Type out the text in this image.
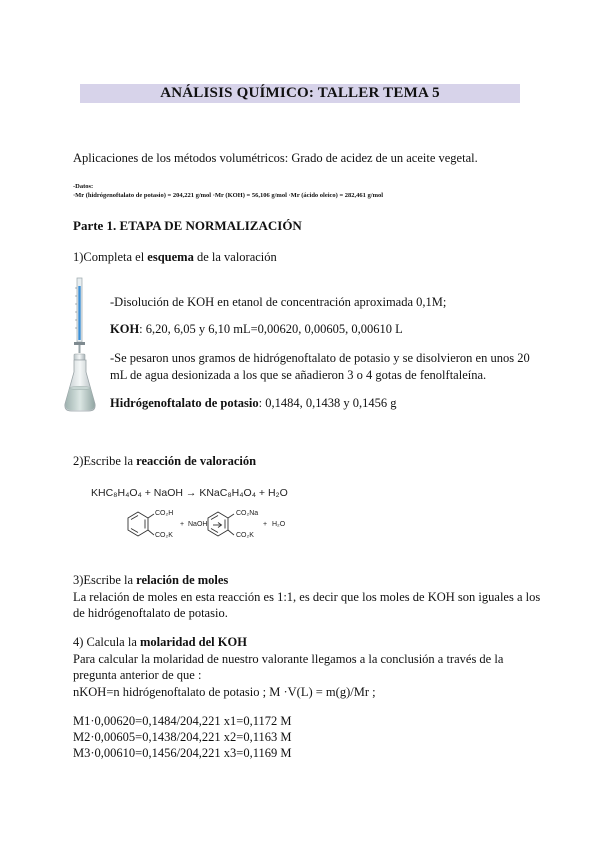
ANÁLISIS QUÍMICO: TALLER TEMA 5
Aplicaciones de los métodos volumétricos: Grado de acidez de un aceite vegetal.
-Datos:
·Mr (hidrógenoftalato de potasio) = 204,221 g/mol ·Mr (KOH) = 56,106 g/mol ·Mr (ácido oleico) = 282,461 g/mol
Parte 1. ETAPA DE NORMALIZACIÓN
1)Completa el esquema de la valoración
-Disolución de KOH en etanol de concentración aproximada 0,1M;
KOH: 6,20, 6,05 y 6,10 mL=0,00620, 0,00605, 0,00610 L
-Se pesaron unos gramos de hidrógenoftalato de potasio y se disolvieron en unos 20
mL de agua desionizada a los que se añadieron 3 o 4 gotas de fenolftaleína.
Hidrógenoftalato de potasio: 0,1484, 0,1438 y 0,1456 g
2)Escribe la reacción de valoración
KHC₈H₄O₄ + NaOH → KNaC₈H₄O₄ + H₂O
CO₂H
CO₂K
+ NaOH
CO₂Na
CO₂K
+ H₂O
3)Escribe la relación de moles
La relación de moles en esta reacción es 1:1, es decir que los moles de KOH son iguales a los
de hidrógenoftalato de potasio.
4) Calcula la molaridad del KOH
Para calcular la molaridad de nuestro valorante llegamos a la conclusión a través de la
pregunta anterior de que :
nKOH=n hidrógenoftalato de potasio ; M ·V(L) = m(g)/Mr ;
M1·0,00620=0,1484/204,221 x1=0,1172 M
M2·0,00605=0,1438/204,221 x2=0,1163 M
M3·0,00610=0,1456/204,221 x3=0,1169 M
